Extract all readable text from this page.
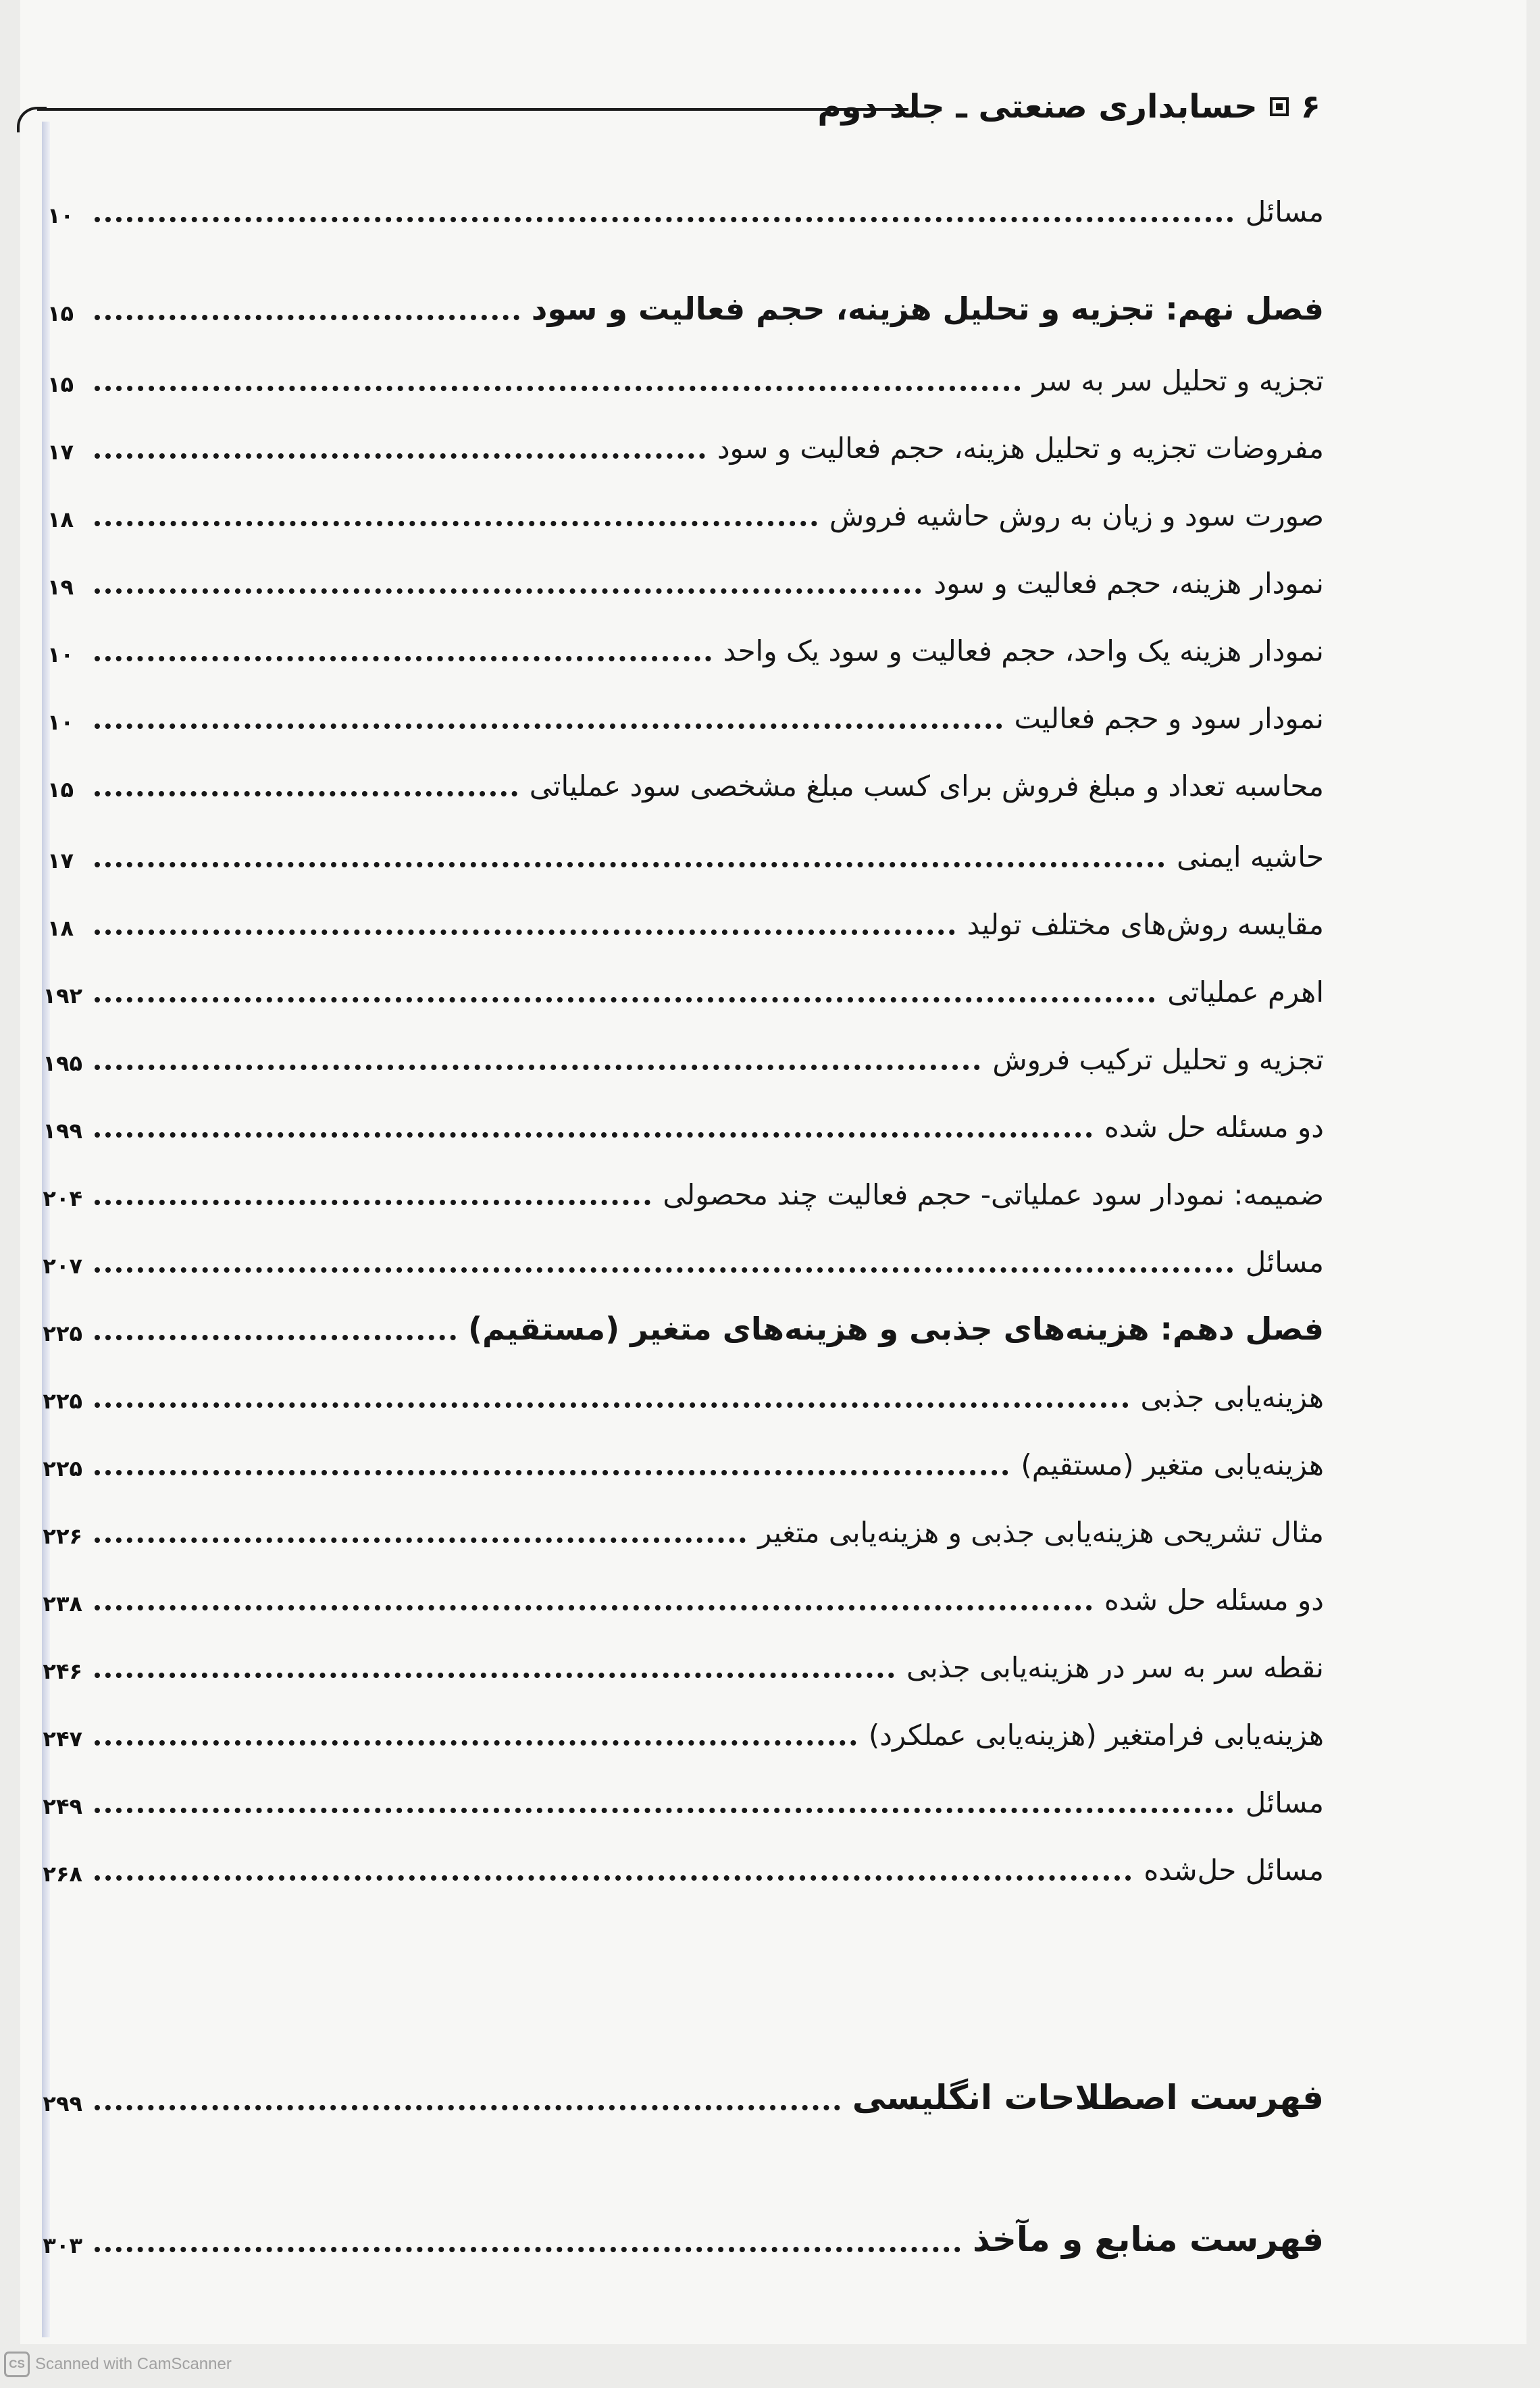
۶
حسابداری صنعتی ـ جلد دوم
مسائل
۱۰
فصل نهم: تجزیه و تحلیل هزینه، حجم فعالیت و سود
۱۵
تجزیه و تحلیل سر به سر
۱۵
مفروضات تجزیه و تحلیل هزینه، حجم فعالیت و سود
۱۷
صورت سود و زیان به روش حاشیه فروش
۱۸
نمودار هزینه، حجم فعالیت و سود
۱۹
نمودار هزینه یک واحد، حجم فعالیت و سود یک واحد
۱۰
نمودار سود و حجم فعالیت
۱۰
محاسبه تعداد و مبلغ فروش برای کسب مبلغ مشخصی سود عملیاتی
۱۵
حاشیه ایمنی
۱۷
مقایسه روش‌های مختلف تولید
۱۸
اهرم عملیاتی
۱۹۲
تجزیه و تحلیل ترکیب فروش
۱۹۵
دو مسئله حل شده
۱۹۹
ضمیمه: نمودار سود عملیاتی- حجم فعالیت چند محصولی
۲۰۴
مسائل
۲۰۷
فصل دهم: هزینه‌های جذبی و هزینه‌های متغیر (مستقیم)
۲۲۵
هزینه‌یابی جذبی
۲۲۵
هزینه‌یابی متغیر (مستقیم)
۲۲۵
مثال تشریحی هزینه‌یابی جذبی و هزینه‌یابی متغیر
۲۲۶
دو مسئله حل شده
۲۳۸
نقطه سر به سر در هزینه‌یابی جذبی
۲۴۶
هزینه‌یابی فرامتغیر (هزینه‌یابی عملکرد)
۲۴۷
مسائل
۲۴۹
مسائل حل‌شده
۲۶۸
فهرست اصطلاحات انگلیسی
۲۹۹
فهرست منابع و مآخذ
۳۰۳
CS Scanned with CamScanner
